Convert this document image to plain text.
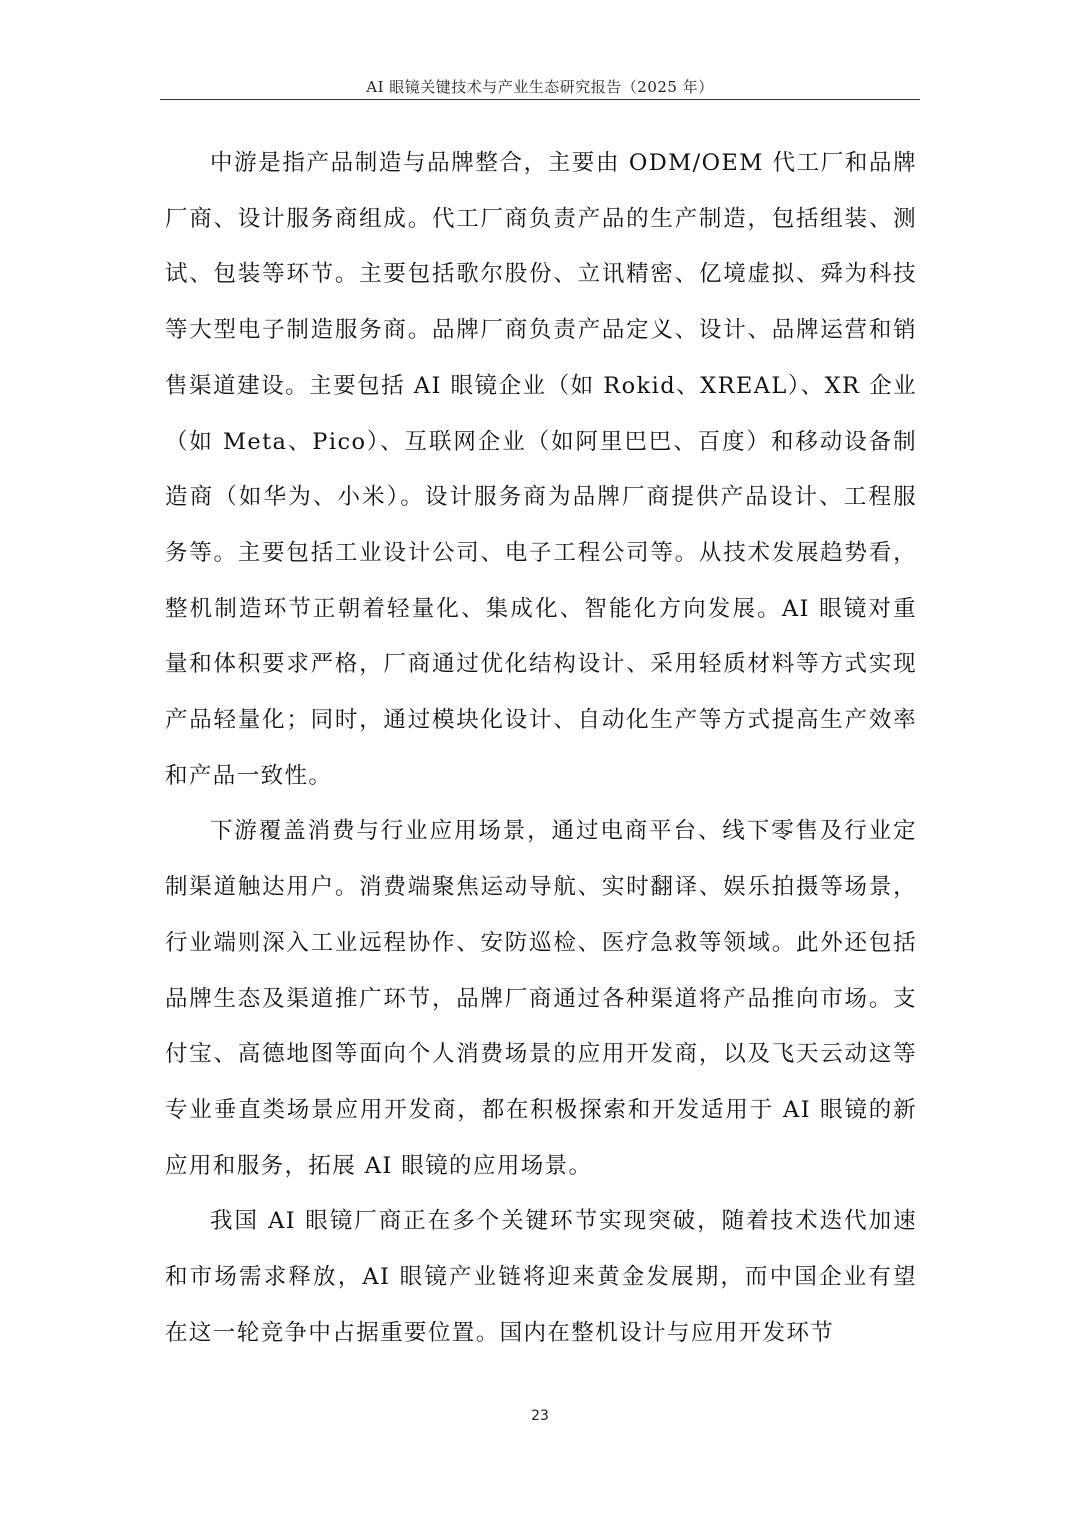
AI 眼镜关键技术与产业生态研究报告（2025 年）

中游是指产品制造与品牌整合，主要由 ODM/OEM 代工厂和品牌厂商、设计服务商组成。代工厂商负责产品的生产制造，包括组装、测试、包装等环节。主要包括歌尔股份、立讯精密、亿境虚拟、舜为科技等大型电子制造服务商。品牌厂商负责产品定义、设计、品牌运营和销售渠道建设。主要包括 AI 眼镜企业（如 Rokid、XREAL）、XR 企业（如 Meta、Pico）、互联网企业（如阿里巴巴、百度）和移动设备制造商（如华为、小米）。设计服务商为品牌厂商提供产品设计、工程服务等。主要包括工业设计公司、电子工程公司等。从技术发展趋势看，整机制造环节正朝着轻量化、集成化、智能化方向发展。AI 眼镜对重量和体积要求严格，厂商通过优化结构设计、采用轻质材料等方式实现产品轻量化；同时，通过模块化设计、自动化生产等方式提高生产效率和产品一致性。

下游覆盖消费与行业应用场景，通过电商平台、线下零售及行业定制渠道触达用户。消费端聚焦运动导航、实时翻译、娱乐拍摄等场景，行业端则深入工业远程协作、安防巡检、医疗急救等领域。此外还包括品牌生态及渠道推广环节，品牌厂商通过各种渠道将产品推向市场。支付宝、高德地图等面向个人消费场景的应用开发商，以及飞天云动这等专业垂直类场景应用开发商，都在积极探索和开发适用于 AI 眼镜的新应用和服务，拓展 AI 眼镜的应用场景。

我国 AI 眼镜厂商正在多个关键环节实现突破，随着技术迭代加速和市场需求释放，AI 眼镜产业链将迎来黄金发展期，而中国企业有望在这一轮竞争中占据重要位置。国内在整机设计与应用开发环节

23
